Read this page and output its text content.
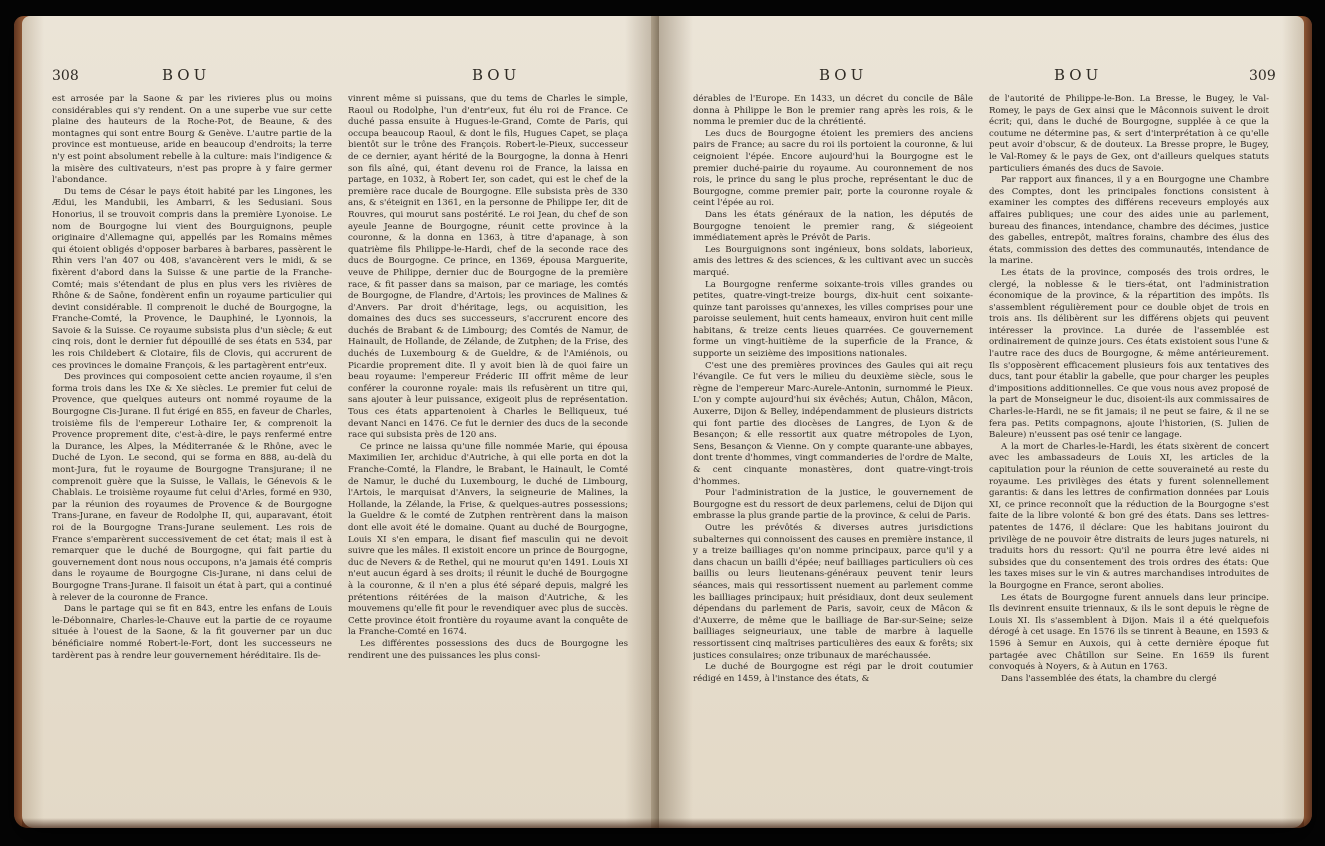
308	BOU	BOU

est arrosée par la Saone & par les rivieres plus ou moins considérables qui s'y rendent. On a une superbe vue sur cette plaine des hauteurs de la Roche-Pot, de Beaune, & des montagnes qui sont entre Bourg & Genève. L'autre partie de la province est montueuse, aride en beaucoup d'endroits; la terre n'y est point absolument rebelle à la culture: mais l'indigence & la misère des cultivateurs, n'est pas propre à y faire germer l'abondance.

Du tems de César le pays étoit habité par les Lingones, les Ædui, les Mandubii, les Ambarri, & les Sedusiani. Sous Honorius, il se trouvoit compris dans la première Lyonoise. Le nom de Bourgogne lui vient des Bourguignons, peuple originaire d'Allemagne qui, appellés par les Romains mêmes qui étoient obligés d'opposer barbares à barbares, passèrent le Rhin vers l'an 407 ou 408, s'avancèrent vers le midi, & se fixèrent d'abord dans la Suisse & une partie de la Franche-Comté; mais s'étendant de plus en plus vers les rivières de Rhône & de Saône, fondèrent enfin un royaume particulier qui devint considérable. Il comprenoit le duché de Bourgogne, la Franche-Comté, la Provence, le Dauphiné, le Lyonnois, la Savoie & la Suisse. Ce royaume subsista plus d'un siècle; & eut cinq rois, dont le dernier fut dépouillé de ses états en 534, par les rois Childebert & Clotaire, fils de Clovis, qui accrurent de ces provinces le domaine François, & les partagèrent entr'eux.

Des provinces qui composoient cette ancien royaume, il s'en forma trois dans les IXe & Xe siècles. Le premier fut celui de Provence, que quelques auteurs ont nommé royaume de la Bourgogne Cis-Jurane. Il fut érigé en 855, en faveur de Charles, troisième fils de l'empereur Lothaire Ier, & comprenoit la Provence proprement dite, c'est-à-dire, le pays renfermé entre la Durance, les Alpes, la Méditerranée & le Rhône, avec le Duché de Lyon. Le second, qui se forma en 888, au-delà du mont-Jura, fut le royaume de Bourgogne Transjurane; il ne comprenoit guère que la Suisse, le Vallais, le Génevois & le Chablais. Le troisième royaume fut celui d'Arles, formé en 930, par la réunion des royaumes de Provence & de Bourgogne Trans-Jurane, en faveur de Rodolphe II, qui, auparavant, étoit roi de la Bourgogne Trans-Jurane seulement. Les rois de France s'emparèrent successivement de cet état; mais il est à remarquer que le duché de Bourgogne, qui fait partie du gouvernement dont nous nous occupons, n'a jamais été compris dans le royaume de Bourgogne Cis-Jurane, ni dans celui de Bourgogne Trans-Jurane. Il faisoit un état à part, qui a continué à relever de la couronne de France.

Dans le partage qui se fit en 843, entre les enfans de Louis le-Débonnaire, Charles-le-Chauve eut la partie de ce royaume située à l'ouest de la Saone, & la fit gouverner par un duc bénéficiaire nommé Robert-le-Fort, dont les successeurs ne tardèrent pas à rendre leur gouvernement héréditaire. Ils de-

vinrent même si puissans, que du tems de Charles le simple, Raoul ou Rodolphe, l'un d'entr'eux, fut élu roi de France. Ce duché passa ensuite à Hugues-le-Grand, Comte de Paris, qui occupa beaucoup Raoul, & dont le fils, Hugues Capet, se plaça bientôt sur le trône des François. Robert-le-Pieux, successeur de ce dernier, ayant hérité de la Bourgogne, la donna à Henri son fils aîné, qui, étant devenu roi de France, la laissa en partage, en 1032, à Robert Ier, son cadet, qui est le chef de la première race ducale de Bourgogne. Elle subsista près de 330 ans, & s'éteignit en 1361, en la personne de Philippe Ier, dit de Rouvres, qui mourut sans postérité. Le roi Jean, du chef de son ayeule Jeanne de Bourgogne, réunit cette province à la couronne, & la donna en 1363, à titre d'apanage, à son quatrième fils Philippe-le-Hardi, chef de la seconde race des ducs de Bourgogne. Ce prince, en 1369, épousa Marguerite, veuve de Philippe, dernier duc de Bourgogne de la première race, & fit passer dans sa maison, par ce mariage, les comtés de Bourgogne, de Flandre, d'Artois; les provinces de Malines & d'Anvers. Par droit d'héritage, legs, ou acquisition, les domaines des ducs ses successeurs, s'accrurent encore des duchés de Brabant & de Limbourg; des Comtés de Namur, de Hainault, de Hollande, de Zélande, de Zutphen; de la Frise, des duchés de Luxembourg & de Gueldre, & de l'Amiénois, ou Picardie proprement dite. Il y avoit bien là de quoi faire un beau royaume: l'empereur Fréderic III offrit même de leur conférer la couronne royale: mais ils refusèrent un titre qui, sans ajouter à leur puissance, exigeoit plus de représentation. Tous ces états appartenoient à Charles le Belliqueux, tué devant Nanci en 1476. Ce fut le dernier des ducs de la seconde race qui subsista près de 120 ans.

Ce prince ne laissa qu'une fille nommée Marie, qui épousa Maximilien Ier, archiduc d'Autriche, à qui elle porta en dot la Franche-Comté, la Flandre, le Brabant, le Hainault, le Comté de Namur, le duché du Luxembourg, le duché de Limbourg, l'Artois, le marquisat d'Anvers, la seigneurie de Malines, la Hollande, la Zélande, la Frise, & quelques-autres possessions; la Gueldre & le comté de Zutphen rentrèrent dans la maison dont elle avoit été le domaine. Quant au duché de Bourgogne, Louis XI s'en empara, le disant fief masculin qui ne devoit suivre que les mâles. Il existoit encore un prince de Bourgogne, duc de Nevers & de Rethel, qui ne mourut qu'en 1491. Louis XI n'eut aucun égard à ses droits; il réunit le duché de Bourgogne à la couronne, & il n'en a plus été séparé depuis, malgré les prétentions réitérées de la maison d'Autriche, & les mouvemens qu'elle fit pour le revendiquer avec plus de succès. Cette province étoit frontière du royaume avant la conquête de la Franche-Comté en 1674.

Les différentes possessions des ducs de Bourgogne les rendirent une des puissances les plus consi-

BOU	BOU	309

dérables de l'Europe. En 1433, un décret du concile de Bâle donna à Philippe le Bon le premier rang après les rois, & le nomma le premier duc de la chrétienté.

Les ducs de Bourgogne étoient les premiers des anciens pairs de France; au sacre du roi ils portoient la couronne, & lui ceignoient l'épée. Encore aujourd'hui la Bourgogne est le premier duché-pairie du royaume. Au couronnement de nos rois, le prince du sang le plus proche, représentant le duc de Bourgogne, comme premier pair, porte la couronne royale & ceint l'épée au roi.

Dans les états généraux de la nation, les députés de Bourgogne tenoient le premier rang, & siégeoient immédiatement après le Prévôt de Paris.

Les Bourguignons sont ingénieux, bons soldats, laborieux, amis des lettres & des sciences, & les cultivant avec un succès marqué.

La Bourgogne renferme soixante-trois villes grandes ou petites, quatre-vingt-treize bourgs, dix-huit cent soixante-quinze tant paroisses qu'annexes, les villes comprises pour une paroisse seulement, huit cents hameaux, environ huit cent mille habitans, & treize cents lieues quarrées. Ce gouvernement forme un vingt-huitième de la superficie de la France, & supporte un seizième des impositions nationales.

C'est une des premières provinces des Gaules qui ait reçu l'évangile. Ce fut vers le milieu du deuxième siècle, sous le règne de l'empereur Marc-Aurele-Antonin, surnommé le Pieux. L'on y compte aujourd'hui six évêchés; Autun, Châlon, Mâcon, Auxerre, Dijon & Belley, indépendamment de plusieurs districts qui font partie des diocèses de Langres, de Lyon & de Besançon; & elle ressortit aux quatre métropoles de Lyon, Sens, Besançon & Vienne. On y compte quarante-une abbayes, dont trente d'hommes, vingt commanderies de l'ordre de Malte, & cent cinquante monastères, dont quatre-vingt-trois d'hommes.

Pour l'administration de la justice, le gouvernement de Bourgogne est du ressort de deux parlemens, celui de Dijon qui embrasse la plus grande partie de la province, & celui de Paris.

Outre les prévôtés & diverses autres jurisdictions subalternes qui connoissent des causes en première instance, il y a treize bailliages qu'on nomme principaux, parce qu'il y a dans chacun un bailli d'épée; neuf bailliages particuliers où ces baillis ou leurs lieutenans-généraux peuvent tenir leurs séances, mais qui ressortissent nuement au parlement comme les bailliages principaux; huit présidiaux, dont deux seulement dépendans du parlement de Paris, savoir, ceux de Mâcon & d'Auxerre, de même que le bailliage de Bar-sur-Seine; seize bailliages seigneuriaux, une table de marbre à laquelle ressortissent cinq maîtrises particulières des eaux & forêts; six justices consulaires; onze tribunaux de maréchaussée.

Le duché de Bourgogne est régi par le droit coutumier rédigé en 1459, à l'instance des états, &

de l'autorité de Philippe-le-Bon. La Bresse, le Bugey, le Val-Romey, le pays de Gex ainsi que le Mâconnois suivent le droit écrit; qui, dans le duché de Bourgogne, supplée à ce que la coutume ne détermine pas, & sert d'interprétation à ce qu'elle peut avoir d'obscur, & de douteux. La Bresse propre, le Bugey, le Val-Romey & le pays de Gex, ont d'ailleurs quelques statuts particuliers émanés des ducs de Savoie.

Par rapport aux finances, il y a en Bourgogne une Chambre des Comptes, dont les principales fonctions consistent à examiner les comptes des différens receveurs employés aux affaires publiques; une cour des aides unie au parlement, bureau des finances, intendance, chambre des décimes, justice des gabelles, entrepôt, maîtres forains, chambre des élus des états, commission des dettes des communautés, intendance de la marine.

Les états de la province, composés des trois ordres, le clergé, la noblesse & le tiers-état, ont l'administration économique de la province, & la répartition des impôts. Ils s'assemblent régulièrement pour ce double objet de trois en trois ans. Ils délibèrent sur les différens objets qui peuvent intéresser la province. La durée de l'assemblée est ordinairement de quinze jours. Ces états existoient sous l'une & l'autre race des ducs de Bourgogne, & même antérieurement. Ils s'opposèrent efficacement plusieurs fois aux tentatives des ducs, tant pour établir la gabelle, que pour charger les peuples d'impositions additionnelles. Ce que vous nous avez proposé de la part de Monseigneur le duc, disoient-ils aux commissaires de Charles-le-Hardi, ne se fit jamais; il ne peut se faire, & il ne se fera pas. Petits compagnons, ajoute l'historien, (S. Julien de Baleure) n'eussent pas osé tenir ce langage.

A la mort de Charles-le-Hardi, les états sixèrent de concert avec les ambassadeurs de Louis XI, les articles de la capitulation pour la réunion de cette souveraineté au reste du royaume. Les privilèges des états y furent solennellement garantis: & dans les lettres de confirmation données par Louis XI, ce prince reconnoît que la réduction de la Bourgogne s'est faite de la libre volonté & bon gré des états. Dans ses lettres-patentes de 1476, il déclare: Que les habitans jouiront du privilège de ne pouvoir être distraits de leurs juges naturels, ni traduits hors du ressort: Qu'il ne pourra être levé aides ni subsides que du consentement des trois ordres des états: Que les taxes mises sur le vin & autres marchandises introduites de la Bourgogne en France, seront abolies.

Les états de Bourgogne furent annuels dans leur principe. Ils devinrent ensuite triennaux, & ils le sont depuis le règne de Louis XI. Ils s'assemblent à Dijon. Mais il a été quelquefois dérogé à cet usage. En 1576 ils se tinrent à Beaune, en 1593 & 1596 à Semur en Auxois, qui à cette dernière époque fut partagée avec Châtillon sur Seine. En 1659 ils furent convoqués à Noyers, & à Autun en 1763.

Dans l'assemblée des états, la chambre du clergé
